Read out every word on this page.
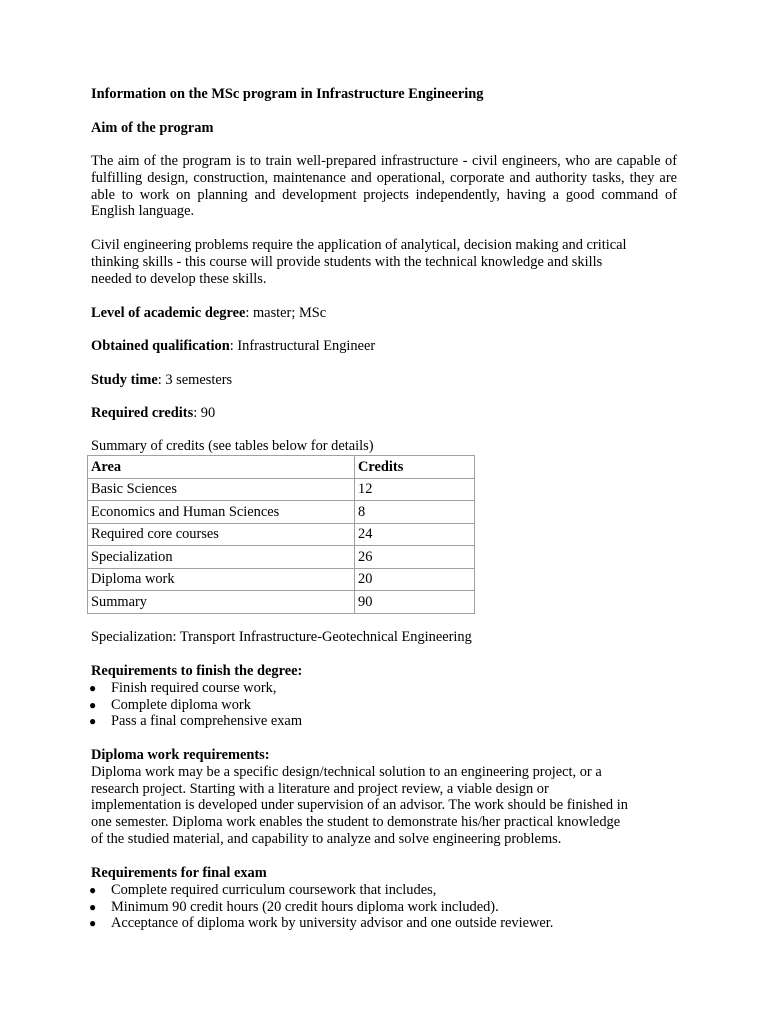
Information on the MSc program in Infrastructure Engineering

Aim of the program

The aim of the program is to train well-prepared infrastructure - civil engineers, who are capable of fulfilling design, construction, maintenance and operational, corporate and authority tasks, they are able to work on planning and development projects independently, having a good command of English language.

Civil engineering problems require the application of analytical, decision making and critical
thinking skills - this course will provide students with the technical knowledge and skills
needed to develop these skills.

Level of academic degree: master; MSc

Obtained qualification: Infrastructural Engineer

Study time: 3 semesters

Required credits: 90

Summary of credits (see tables below for details)

Area	Credits
Basic Sciences	12
Economics and Human Sciences	8
Required core courses	24
Specialization	26
Diploma work	20
Summary	90

Specialization: Transport Infrastructure-Geotechnical Engineering

Requirements to finish the degree:
● Finish required course work,
● Complete diploma work
● Pass a final comprehensive exam
Diploma work requirements:
Diploma work may be a specific design/technical solution to an engineering project, or a
research project. Starting with a literature and project review, a viable design or
implementation is developed under supervision of an advisor. The work should be finished in
one semester. Diploma work enables the student to demonstrate his/her practical knowledge
of the studied material, and capability to analyze and solve engineering problems.
Requirements for final exam
● Complete required curriculum coursework that includes,
● Minimum 90 credit hours (20 credit hours diploma work included).
● Acceptance of diploma work by university advisor and one outside reviewer.
